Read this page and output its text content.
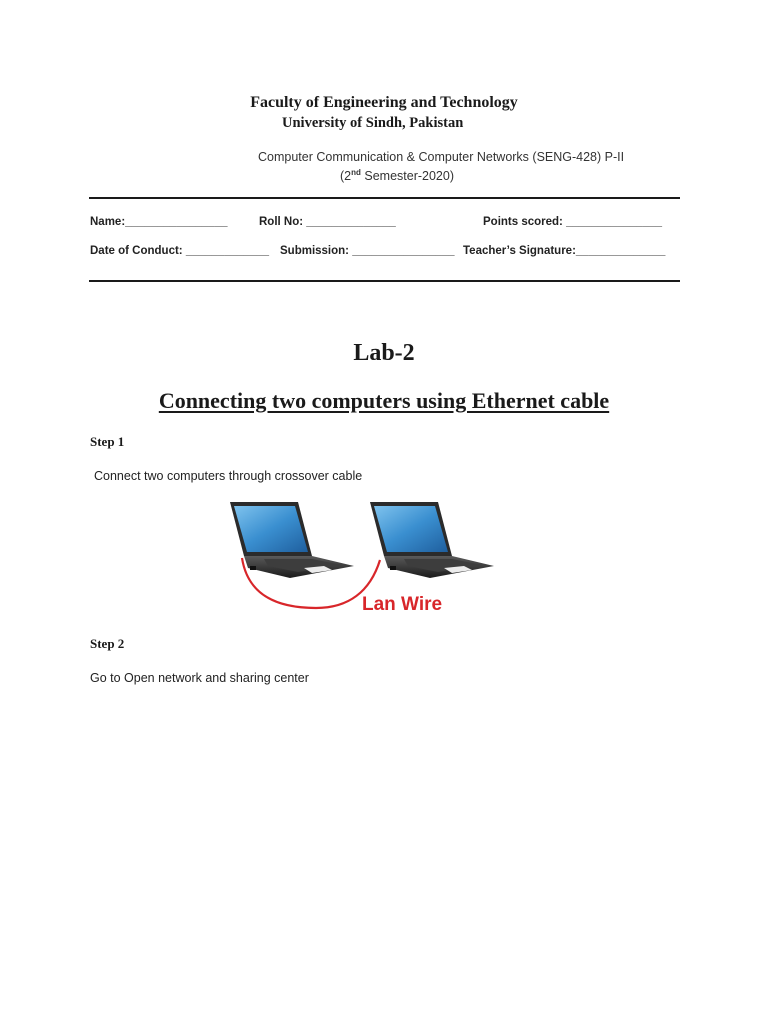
Faculty of Engineering and Technology
University of Sindh, Pakistan
Computer Communication & Computer Networks (SENG-428) P-II
(2nd Semester-2020)
Name:________________	Roll No: ______________	Points scored: _______________
Date of Conduct: _____________ Submission: ________________ Teacher’s Signature:______________
Lab-2
Connecting two computers using Ethernet cable
Step 1
Connect two computers through crossover cable
Lan Wire
Step 2
Go to Open network and sharing center
